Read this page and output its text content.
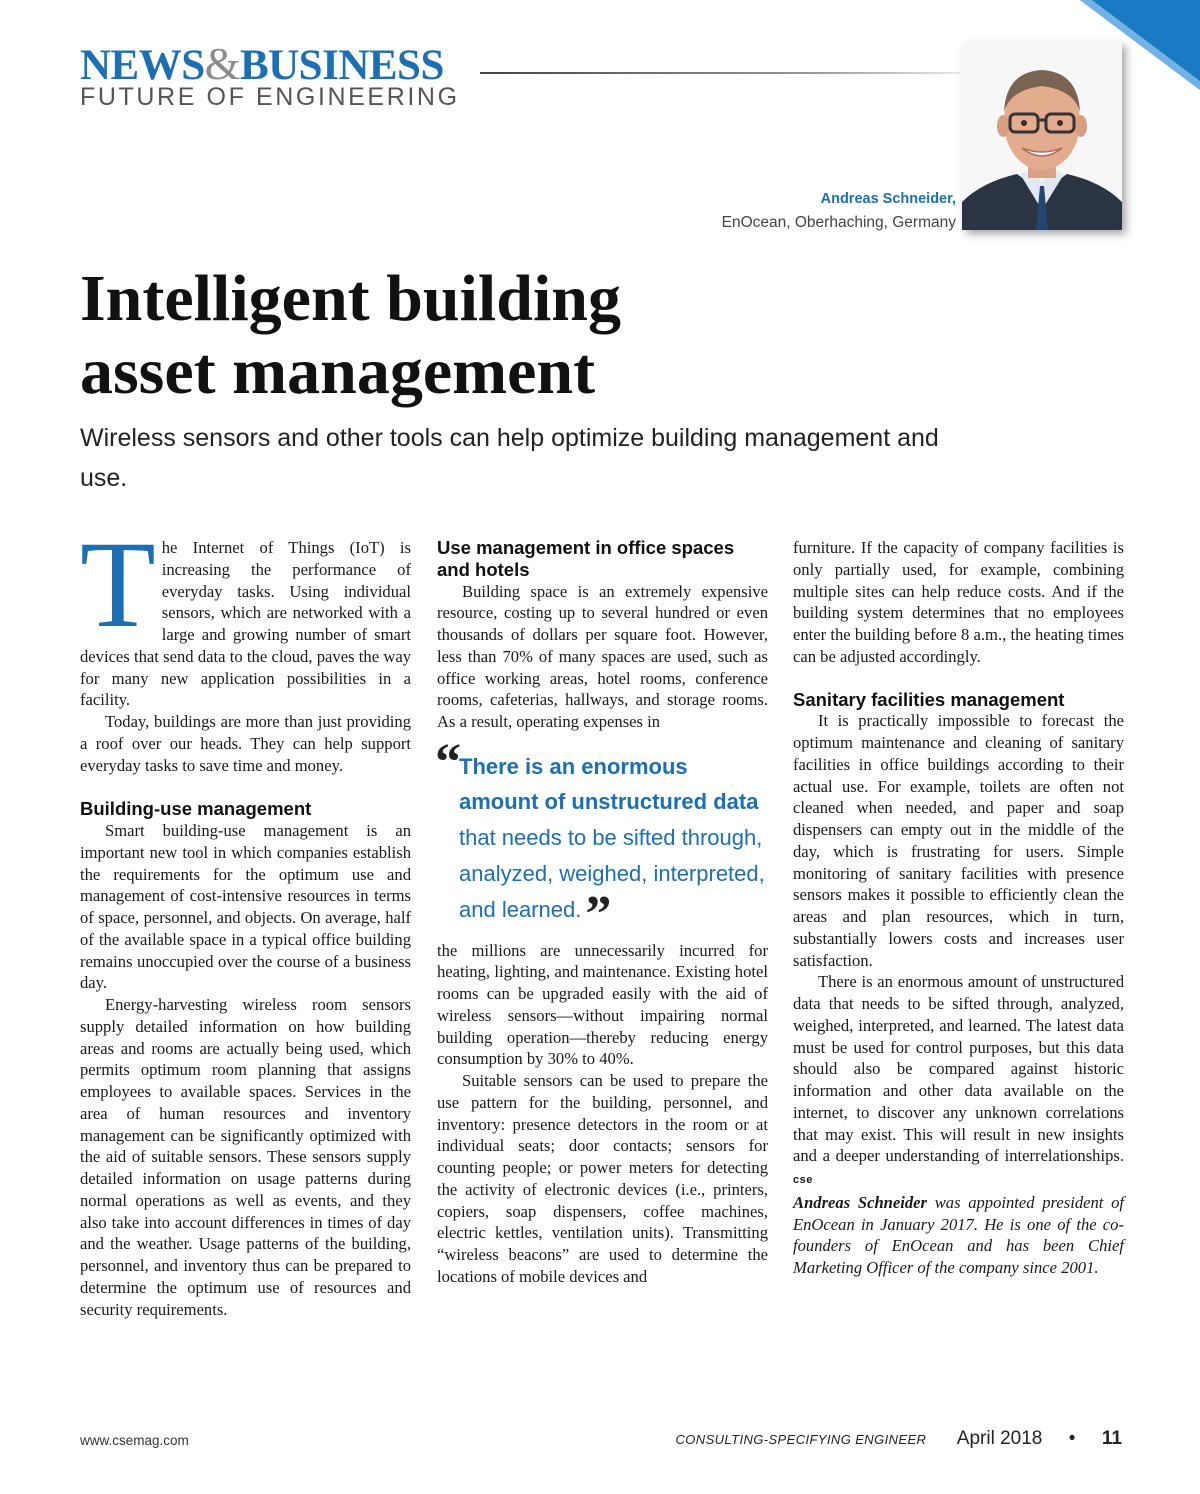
NEWS&BUSINESS
FUTURE OF ENGINEERING
Andreas Schneider,
EnOcean, Oberhaching, Germany
Intelligent building
asset management

Wireless sensors and other tools can help optimize building management and use.

The Internet of Things (IoT) is increasing the performance of everyday tasks. Using individual sensors, which are networked with a large and growing number of smart devices that send data to the cloud, paves the way for many new application possibilities in a facility.

Today, buildings are more than just providing a roof over our heads. They can help support everyday tasks to save time and money.

Building-use management

Smart building-use management is an important new tool in which companies establish the requirements for the optimum use and management of cost-intensive resources in terms of space, personnel, and objects. On average, half of the available space in a typical office building remains unoccupied over the course of a business day.

Energy-harvesting wireless room sensors supply detailed information on how building areas and rooms are actually being used, which permits optimum room planning that assigns employees to available spaces. Services in the area of human resources and inventory management can be significantly optimized with the aid of suitable sensors. These sensors supply detailed information on usage patterns during normal operations as well as events, and they also take into account differences in times of day and the weather. Usage patterns of the building, personnel, and inventory thus can be prepared to determine the optimum use of resources and security requirements.

Use management in office spaces and hotels

Building space is an extremely expensive resource, costing up to several hundred or even thousands of dollars per square foot. However, less than 70% of many spaces are used, such as office working areas, hotel rooms, conference rooms, cafeterias, hallways, and storage rooms. As a result, operating expenses in

“
There is an enormous amount of unstructured data that needs to be sifted through, analyzed, weighed, interpreted, and learned.”

the millions are unnecessarily incurred for heating, lighting, and maintenance. Existing hotel rooms can be upgraded easily with the aid of wireless sensors—without impairing normal building operation—thereby reducing energy consumption by 30% to 40%.

Suitable sensors can be used to prepare the use pattern for the building, personnel, and inventory: presence detectors in the room or at individual seats; door contacts; sensors for counting people; or power meters for detecting the activity of electronic devices (i.e., printers, copiers, soap dispensers, coffee machines, electric kettles, ventilation units). Transmitting “wireless beacons” are used to determine the locations of mobile devices and

furniture. If the capacity of company facilities is only partially used, for example, combining multiple sites can help reduce costs. And if the building system determines that no employees enter the building before 8 a.m., the heating times can be adjusted accordingly.

Sanitary facilities management

It is practically impossible to forecast the optimum maintenance and cleaning of sanitary facilities in office buildings according to their actual use. For example, toilets are often not cleaned when needed, and paper and soap dispensers can empty out in the middle of the day, which is frustrating for users. Simple monitoring of sanitary facilities with presence sensors makes it possible to efficiently clean the areas and plan resources, which in turn, substantially lowers costs and increases user satisfaction.

There is an enormous amount of unstructured data that needs to be sifted through, analyzed, weighed, interpreted, and learned. The latest data must be used for control purposes, but this data should also be compared against historic information and other data available on the internet, to discover any unknown correlations that may exist. This will result in new insights and a deeper understanding of interrelationships. cse

Andreas Schneider was appointed president of EnOcean in January 2017. He is one of the co-founders of EnOcean and has been Chief Marketing Officer of the company since 2001.

www.csemag.com	CONSULTING-SPECIFYING ENGINEER April 2018 • 11
